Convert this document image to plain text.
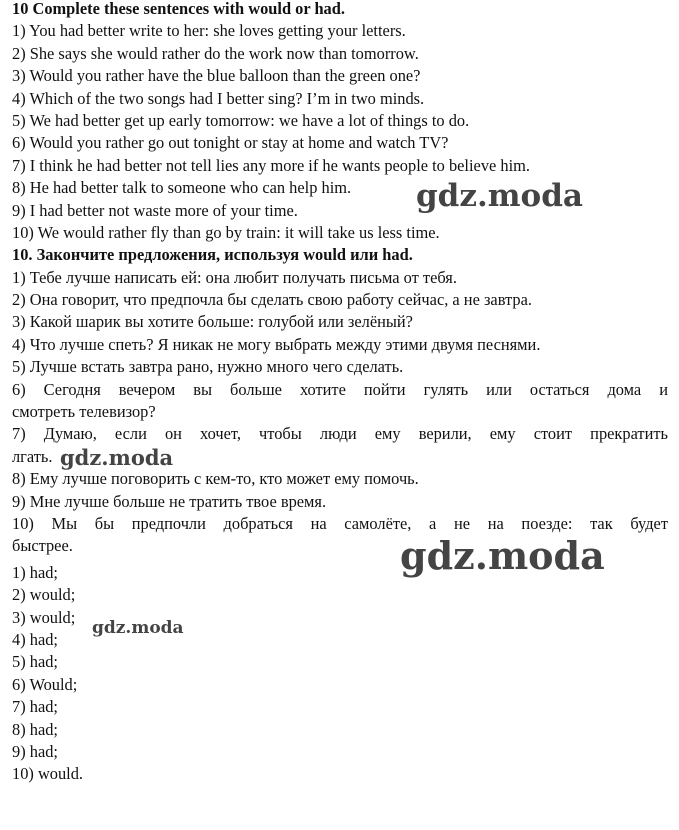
10 Complete these sentences with would or had.
1) You had better write to her: she loves getting your letters.
2) She says she would rather do the work now than tomorrow.
3) Would you rather have the blue balloon than the green one?
4) Which of the two songs had I better sing? I’m in two minds.
5) We had better get up early tomorrow: we have a lot of things to do.
6) Would you rather go out tonight or stay at home and watch TV?
7) I think he had better not tell lies any more if he wants people to believe him.
8) He had better talk to someone who can help him.
9) I had better not waste more of your time.
10) We would rather fly than go by train: it will take us less time.
10. Закончите предложения, используя would или had.
1) Тебе лучше написать ей: она любит получать письма от тебя.
2) Она говорит, что предпочла бы сделать свою работу сейчас, а не завтра.
3) Какой шарик вы хотите больше: голубой или зелёный?
4) Что лучше спеть? Я никак не могу выбрать между этими двумя песнями.
5) Лучше встать завтра рано, нужно много чего сделать.
6) Сегодня вечером вы больше хотите пойти гулять или остаться дома и
смотреть телевизор?
7) Думаю, если он хочет, чтобы люди ему верили, ему стоит прекратить
лгать.
8) Ему лучше поговорить с кем-то, кто может ему помочь.
9) Мне лучше больше не тратить твое время.
10) Мы бы предпочли добраться на самолёте, а не на поезде: так будет
быстрее.
1) had;
2) would;
3) would;
4) had;
5) had;
6) Would;
7) had;
8) had;
9) had;
10) would.
gdz.moda
gdz.moda
gdz.moda
gdz.moda
